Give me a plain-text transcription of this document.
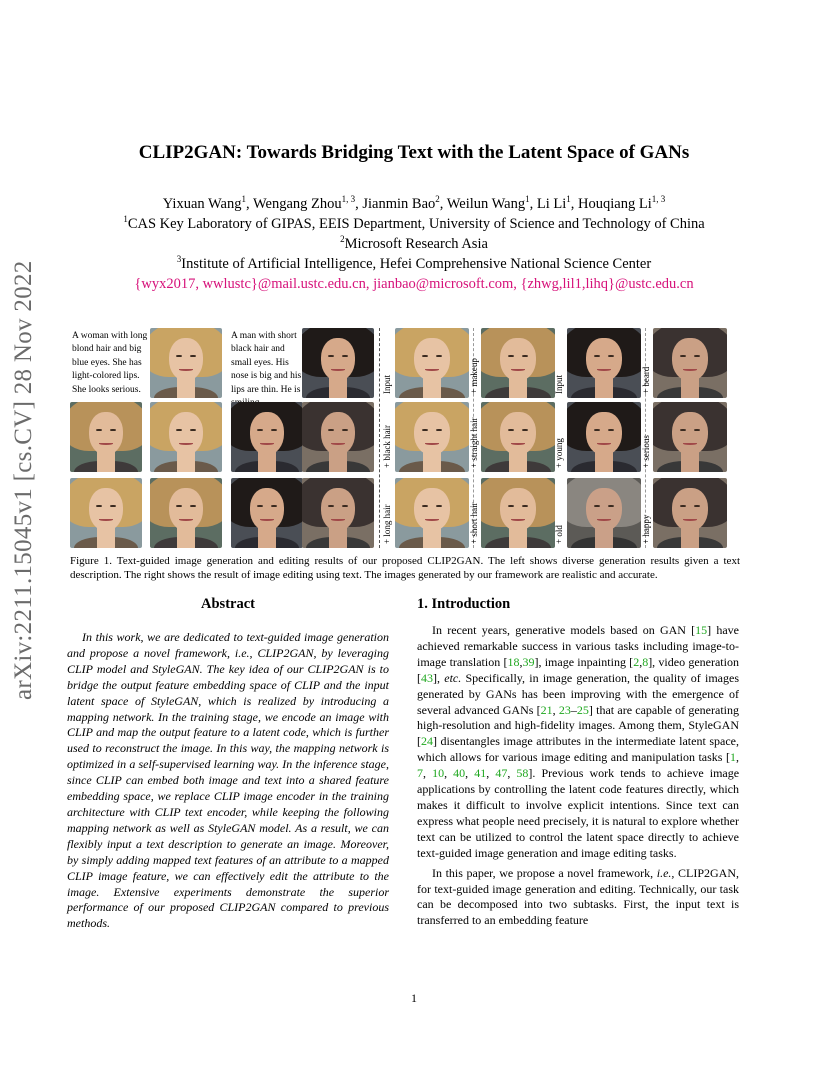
arXiv:2211.15045v1 [cs.CV] 28 Nov 2022
CLIP2GAN: Towards Bridging Text with the Latent Space of GANs
Yixuan Wang$^1$, Wengang Zhou$^{1, 3}$, Jianmin Bao$^2$, Weilun Wang$^1$, Li Li$^1$, Houqiang Li$^{1, 3}$
$^1$CAS Key Laboratory of GIPAS, EEIS Department, University of Science and Technology of China
$^2$Microsoft Research Asia
$^3$Institute of Artificial Intelligence, Hefei Comprehensive National Science Center
{wyx2017, wwlustc}@mail.ustc.edu.cn, jianbao@microsoft.com, {zhwg,lil1,lihq}@ustc.edu.cn
A woman with long blond hair and big blue eyes. She has light-colored lips. She looks serious.
A man with short black hair and small eyes. His nose is big and his lips are thin. He is	Input	+ makeup	Input	+ beard
+ black hair	+ straight hair	+ young	+ serious
+ long hair	+ short hair	+ old	+ happy
Figure 1. Text-guided image generation and editing results of our proposed CLIP2GAN. The left shows diverse generation results given a text description. The right shows the result of image editing using text. The images generated by our framework are realistic and accurate.
Abstract
In this work, we are dedicated to text-guided image generation and propose a novel framework, i.e., CLIP2GAN, by leveraging CLIP model and StyleGAN. The key idea of our CLIP2GAN is to bridge the output feature embedding space of CLIP and the input latent space of StyleGAN, which is realized by introducing a mapping network. In the training stage, we encode an image with CLIP and map the output feature to a latent code, which is further used to reconstruct the image. In this way, the mapping network is optimized in a self-supervised learning way. In the inference stage, since CLIP can embed both image and text into a shared feature embedding space, we replace CLIP image encoder in the training architecture with CLIP text encoder, while keeping the following mapping network as well as StyleGAN model. As a result, we can flexibly input a text description to generate an image. Moreover, by simply adding mapped text features of an attribute to a mapped CLIP image feature, we can effectively edit the attribute to the image. Extensive experiments demonstrate the superior performance of our proposed CLIP2GAN compared to previous methods.
1. Introduction

In recent years, generative models based on GAN [15] have achieved remarkable success in various tasks including image-to-image translation [18,39], image inpainting [2,8], video generation [43], etc. Specifically, in image generation, the quality of images generated by GANs has been improving with the emergence of several advanced GANs [21, 23–25] that are capable of generating high-resolution and high-fidelity images. Among them, StyleGAN [24] disentangles image attributes in the intermediate latent space, which allows for various image editing and manipulation tasks [1, 7, 10, 40, 41, 47, 58]. Previous work tends to achieve image applications by controlling the latent code features directly, which makes it difficult to involve explicit intentions. Since text can express what people need precisely, it is natural to explore whether text can be utilized to control the latent space directly to achieve text-guided image generation and image editing tasks.

In this paper, we propose a novel framework, i.e., CLIP2GAN, for text-guided image generation and editing. Technically, our task can be decomposed into two subtasks. First, the input text is transferred to an embedding feature

1
